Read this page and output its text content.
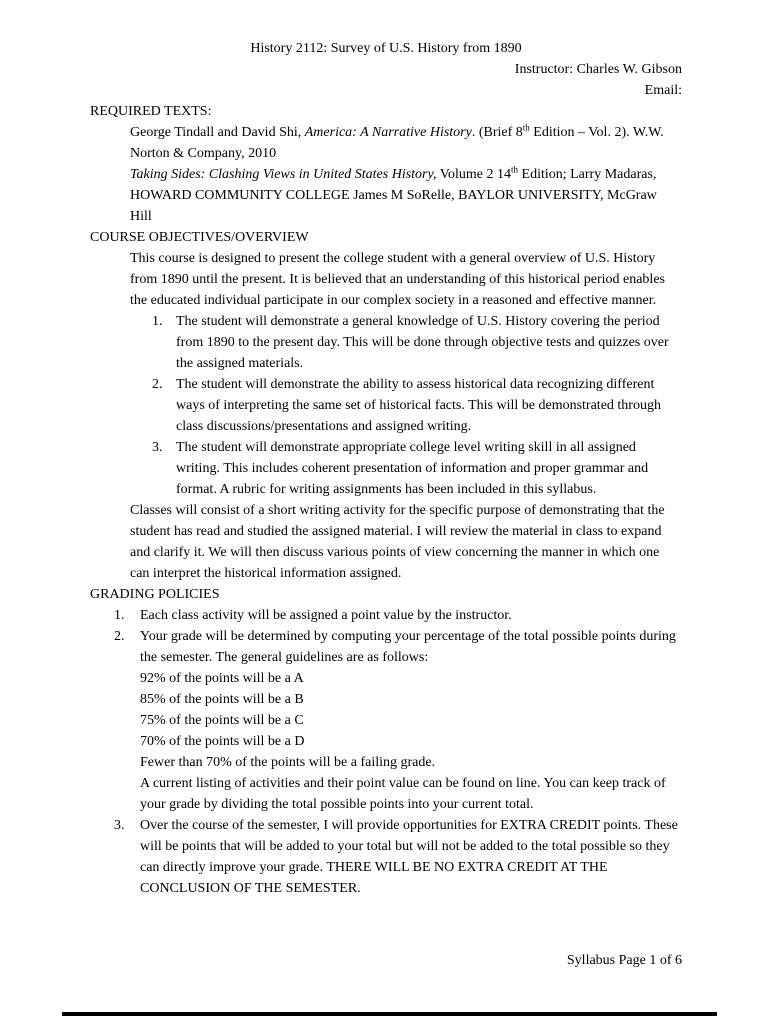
History 2112: Survey of U.S. History from 1890
Instructor: Charles W. Gibson
Email:
REQUIRED TEXTS:

George Tindall and David Shi, America: A Narrative History. (Brief 8th Edition – Vol. 2). W.W. Norton & Company, 2010

Taking Sides: Clashing Views in United States History, Volume 2 14th Edition; Larry Madaras, HOWARD COMMUNITY COLLEGE James M SoRelle, BAYLOR UNIVERSITY, McGraw Hill

COURSE OBJECTIVES/OVERVIEW

This course is designed to present the college student with a general overview of U.S. History from 1890 until the present. It is believed that an understanding of this historical period enables the educated individual participate in our complex society in a reasoned and effective manner.

1. The student will demonstrate a general knowledge of U.S. History covering the period from 1890 to the present day. This will be done through objective tests and quizzes over the assigned materials.
2. The student will demonstrate the ability to assess historical data recognizing different ways of interpreting the same set of historical facts. This will be demonstrated through class discussions/presentations and assigned writing.
3. The student will demonstrate appropriate college level writing skill in all assigned writing. This includes coherent presentation of information and proper grammar and format. A rubric for writing assignments has been included in this syllabus.

Classes will consist of a short writing activity for the specific purpose of demonstrating that the student has read and studied the assigned material. I will review the material in class to expand and clarify it. We will then discuss various points of view concerning the manner in which one can interpret the historical information assigned.

GRADING POLICIES
1.	Each class activity will be assigned a point value by the instructor.
2.	Your grade will be determined by computing your percentage of the total possible points during the semester. The general guidelines are as follows:
92% of the points will be a A
85% of the points will be a B
75% of the points will be a C
70% of the points will be a D
Fewer than 70% of the points will be a failing grade.
A current listing of activities and their point value can be found on line. You can keep track of your grade by dividing the total possible points into your current total.
3.	Over the course of the semester, I will provide opportunities for EXTRA CREDIT points. These will be points that will be added to your total but will not be added to the total possible so they can directly improve your grade. THERE WILL BE NO EXTRA CREDIT AT THE CONCLUSION OF THE SEMESTER.
Syllabus Page 1 of 6
